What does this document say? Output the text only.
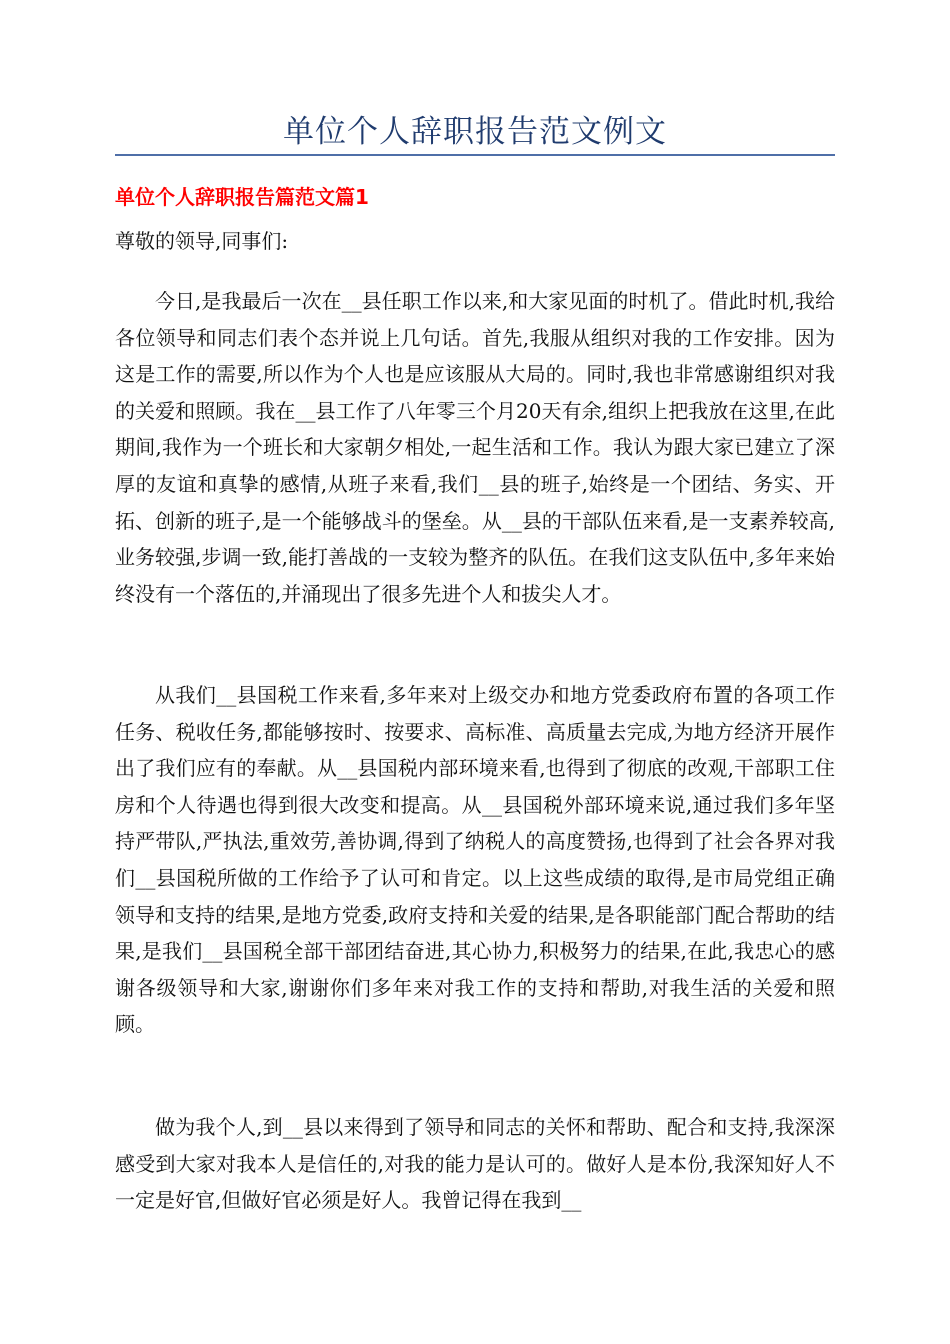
单位个人辞职报告范文例文
单位个人辞职报告篇范文篇1
尊敬的领导,同事们:

今日,是我最后一次在__县任职工作以来,和大家见面的时机了。借此时机,我给各位领导和同志们表个态并说上几句话。首先,我服从组织对我的工作安排。因为这是工作的需要,所以作为个人也是应该服从大局的。同时,我也非常感谢组织对我的关爱和照顾。我在__县工作了八年零三个月20天有余,组织上把我放在这里,在此期间,我作为一个班长和大家朝夕相处,一起生活和工作。我认为跟大家已建立了深厚的友谊和真挚的感情,从班子来看,我们__县的班子,始终是一个团结、务实、开拓、创新的班子,是一个能够战斗的堡垒。从__县的干部队伍来看,是一支素养较高,业务较强,步调一致,能打善战的一支较为整齐的队伍。在我们这支队伍中,多年来始终没有一个落伍的,并涌现出了很多先进个人和拔尖人才。

从我们__县国税工作来看,多年来对上级交办和地方党委政府布置的各项工作任务、税收任务,都能够按时、按要求、高标准、高质量去完成,为地方经济开展作出了我们应有的奉献。从__县国税内部环境来看,也得到了彻底的改观,干部职工住房和个人待遇也得到很大改变和提高。从__县国税外部环境来说,通过我们多年坚持严带队,严执法,重效劳,善协调,得到了纳税人的高度赞扬,也得到了社会各界对我们__县国税所做的工作给予了认可和肯定。以上这些成绩的取得,是市局党组正确领导和支持的结果,是地方党委,政府支持和关爱的结果,是各职能部门配合帮助的结果,是我们__县国税全部干部团结奋进,其心协力,积极努力的结果,在此,我忠心的感谢各级领导和大家,谢谢你们多年来对我工作的支持和帮助,对我生活的关爱和照顾。

做为我个人,到__县以来得到了领导和同志的关怀和帮助、配合和支持,我深深感受到大家对我本人是信任的,对我的能力是认可的。做好人是本份,我深知好人不一定是好官,但做好官必须是好人。我曾记得在我到__
